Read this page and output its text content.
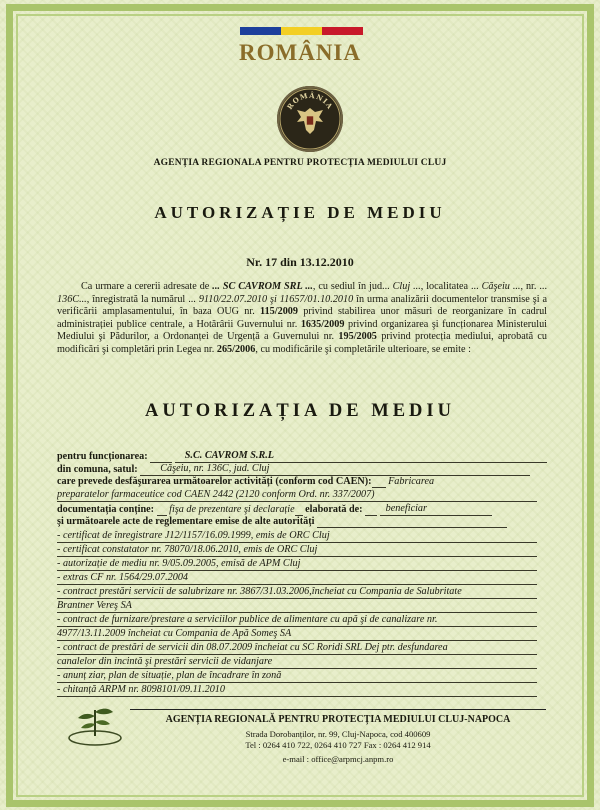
ROMÂNIA
ROMÂNIA
AGENȚIA REGIONALA PENTRU PROTECȚIA MEDIULUI CLUJ
AUTORIZAȚIE DE MEDIU
Nr. 17 din 13.12.2010
Ca urmare a cererii adresate de ... SC CAVROM SRL ..., cu sediul în jud... Cluj ..., localitatea ... Căşeiu ..., nr. ... 136C..., înregistrată la numărul ... 9110/22.07.2010 şi 11657/01.10.2010 în urma analizării documentelor transmise şi a verificării amplasamentului, în baza OUG nr. 115/2009 privind stabilirea unor măsuri de reorganizare în cadrul administrației publice centrale, a Hotărârii Guvernului nr. 1635/2009 privind organizarea şi funcționarea Ministerului Mediului şi Pădurilor, a Ordonanței de Urgență a Guvernului nr. 195/2005 privind protecția mediului, aprobată cu modificări şi completări prin Legea nr. 265/2006, cu modificările şi completările ulterioare, se emite :
AUTORIZAȚIA DE MEDIU
pentru funcționarea:	S.C. CAVROM S.R.L
din comuna, satul: Căşeiu, nr. 136C, jud. Cluj
care prevede desfăşurarea următoarelor activități (conform cod CAEN): Fabricarea
preparatelor farmaceutice cod CAEN 2442 (2120 conform Ord. nr. 337/2007)
documentația conține: fişa de prezentare şi declarație elaborată de: beneficiar
şi următoarele acte de reglementare emise de alte autorități
- certificat de înregistrare J12/1157/16.09.1999, emis de ORC Cluj
- certificat constatator nr. 78070/18.06.2010, emis de ORC Cluj
- autorizație de mediu nr. 9/05.09.2005, emisă de APM Cluj
- extras CF nr. 1564/29.07.2004
- contract prestări servicii de salubrizare nr. 3867/31.03.2006,încheiat cu Compania de Salubritate
Brantner Vereş SA
- contract de furnizare/prestare a serviciilor publice de alimentare cu apă şi de canalizare nr.
4977/13.11.2009 încheiat cu Compania de Apă Someş SA
- contract de prestări de servicii din 08.07.2009 încheiat cu SC Roridi SRL Dej ptr. desfundarea
canalelor din incintă şi prestări servicii de vidanjare
- anunț ziar, plan de situație, plan de încadrare în zonă
- chitanță ARPM nr. 8098101/09.11.2010
AGENȚIA REGIONALĂ PENTRU PROTECȚIA MEDIULUI CLUJ-NAPOCA
Strada Dorobanților, nr. 99, Cluj-Napoca, cod 400609
Tel : 0264 410 722, 0264 410 727 Fax : 0264 412 914
e-mail : office@arpmcj.anpm.ro
